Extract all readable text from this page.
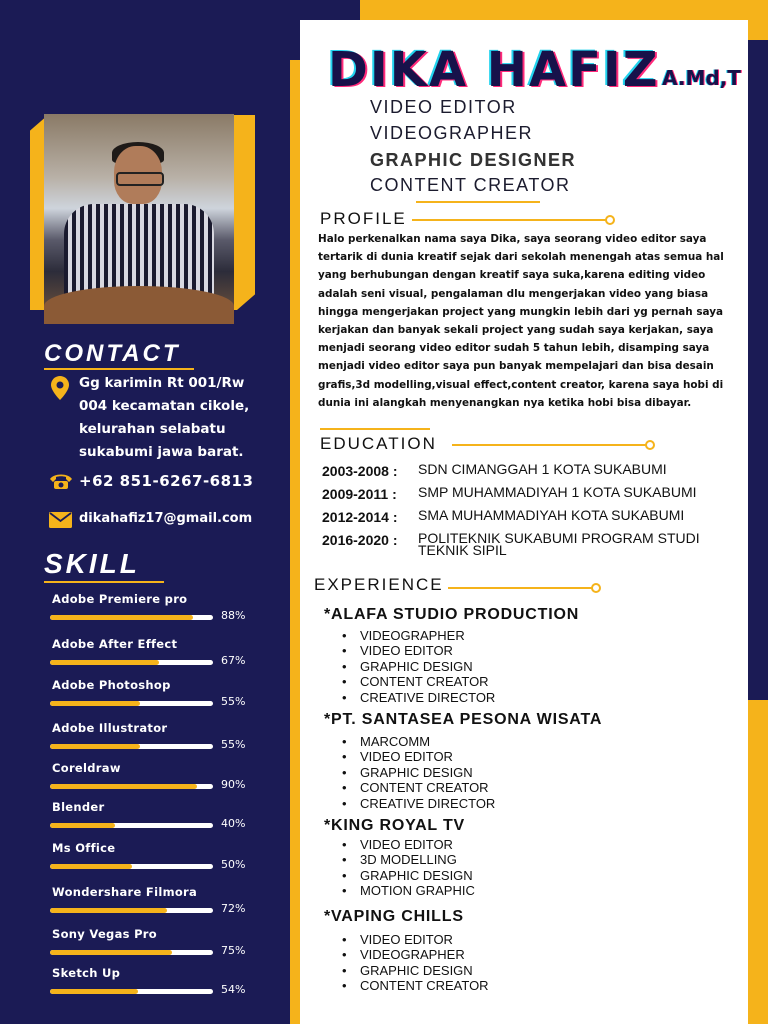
DIKA HAFIZ A.Md,T
VIDEO EDITOR
VIDEOGRAPHER
GRAPHIC DESIGNER
CONTENT CREATOR
PROFILE
Halo perkenalkan nama saya Dika, saya seorang video editor saya tertarik di dunia kreatif sejak dari sekolah menengah atas semua hal yang berhubungan dengan kreatif saya suka,karena editing video adalah seni visual, pengalaman dlu mengerjakan video yang biasa hingga mengerjakan project yang mungkin lebih dari yg pernah saya kerjakan dan banyak sekali project yang sudah saya kerjakan, saya menjadi seorang video editor sudah 5 tahun lebih, disamping saya menjadi video editor saya pun banyak mempelajari dan bisa desain grafis,3d modelling,visual effect,content creator, karena saya hobi di dunia ini alangkah menyenangkan nya ketika hobi bisa dibayar.
EDUCATION
2003-2008 : SDN CIMANGGAH 1 KOTA SUKABUMI
2009-2011 : SMP MUHAMMADIYAH 1 KOTA SUKABUMI
2012-2014 : SMA MUHAMMADIYAH KOTA SUKABUMI
2016-2020 : POLITEKNIK SUKABUMI PROGRAM STUDI TEKNIK SIPIL
EXPERIENCE
*ALAFA STUDIO PRODUCTION
• VIDEOGRAPHER
• VIDEO EDITOR
• GRAPHIC DESIGN
• CONTENT CREATOR
• CREATIVE DIRECTOR
*PT. SANTASEA PESONA WISATA
• MARCOMM
• VIDEO EDITOR
• GRAPHIC DESIGN
• CONTENT CREATOR
• CREATIVE DIRECTOR
*KING ROYAL TV
• VIDEO EDITOR
• 3D MODELLING
• GRAPHIC DESIGN
• MOTION GRAPHIC
*VAPING CHILLS
• VIDEO EDITOR
• VIDEOGRAPHER
• GRAPHIC DESIGN
• CONTENT CREATOR
CONTACT
Gg karimin Rt 001/Rw
004 kecamatan cikole,
kelurahan selabatu
sukabumi jawa barat.
+62 851-6267-6813
dikahafiz17@gmail.com
SKILL
Adobe Premiere pro
88%
Adobe After Effect
67%
Adobe Photoshop
55%
Adobe Illustrator
55%
Coreldraw
90%
Blender
40%
Ms Office
50%
Wondershare Filmora
72%
Sony Vegas Pro
75%
Sketch Up
54%
